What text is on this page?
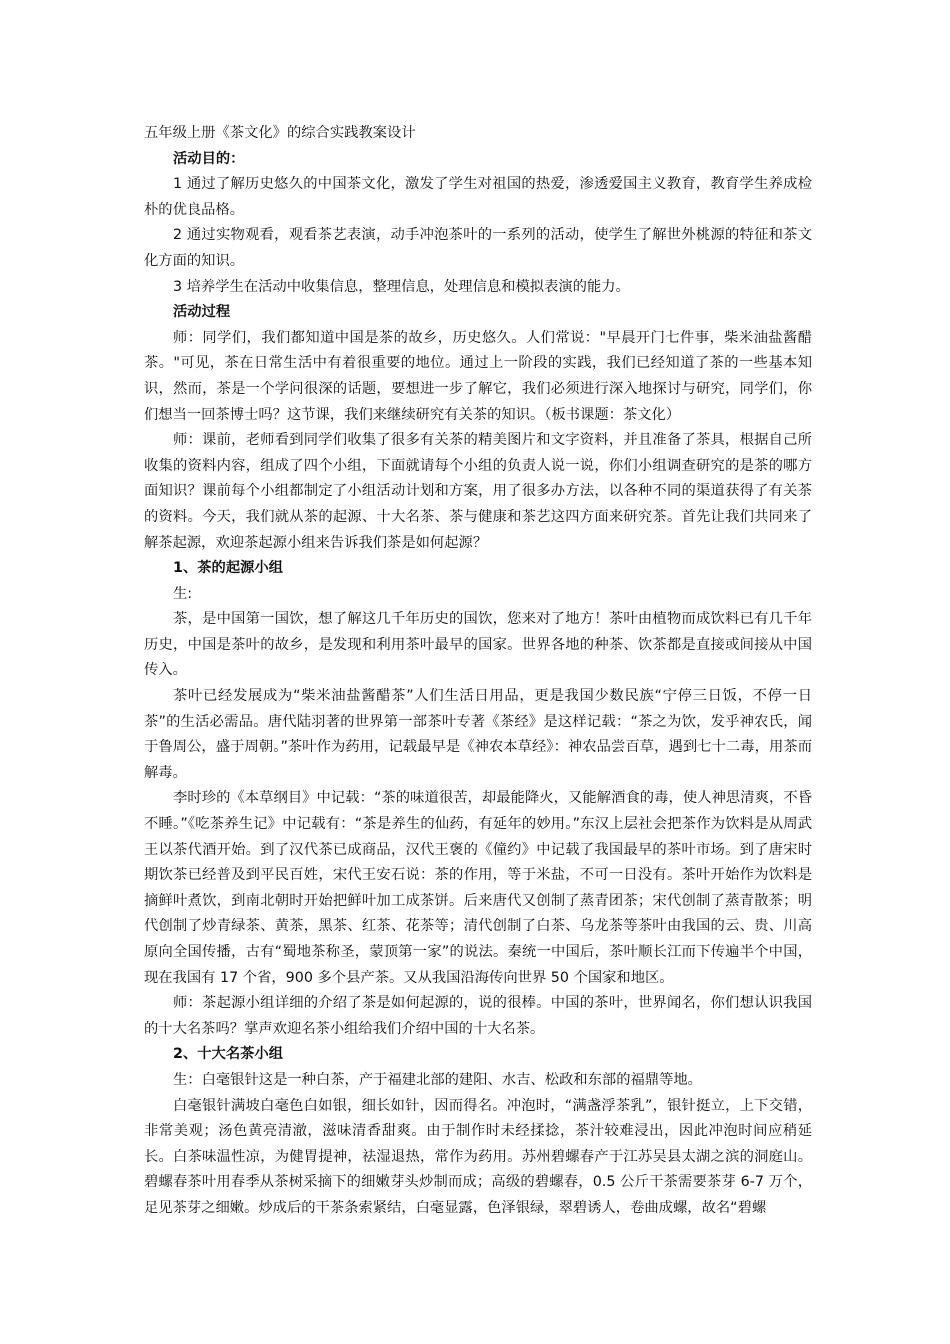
五年级上册《茶文化》的综合实践教案设计

活动目的：

1 通过了解历史悠久的中国茶文化，激发了学生对祖国的热爱，渗透爱国主义教育，教育学生养成检朴的优良品格。

2 通过实物观看，观看茶艺表演，动手冲泡茶叶的一系列的活动，使学生了解世外桃源的特征和茶文化方面的知识。

3 培养学生在活动中收集信息，整理信息，处理信息和模拟表演的能力。

活动过程

师：同学们，我们都知道中国是茶的故乡，历史悠久。人们常说："早晨开门七件事，柴米油盐酱醋茶。"可见，茶在日常生活中有着很重要的地位。通过上一阶段的实践，我们已经知道了茶的一些基本知识，然而，茶是一个学问很深的话题，要想进一步了解它，我们必须进行深入地探讨与研究，同学们，你们想当一回茶博士吗？这节课，我们来继续研究有关茶的知识。（板书课题：茶文化）

师：课前，老师看到同学们收集了很多有关茶的精美图片和文字资料，并且准备了茶具，根据自己所收集的资料内容，组成了四个小组，下面就请每个小组的负责人说一说，你们小组调查研究的是茶的哪方面知识？课前每个小组都制定了小组活动计划和方案，用了很多办方法，以各种不同的渠道获得了有关茶的资料。今天，我们就从茶的起源、十大名茶、茶与健康和茶艺这四方面来研究茶。首先让我们共同来了解茶起源，欢迎茶起源小组来告诉我们茶是如何起源？

1、茶的起源小组

生:

茶，是中国第一国饮，想了解这几千年历史的国饮，您来对了地方！茶叶由植物而成饮料已有几千年历史，中国是茶叶的故乡，是发现和利用茶叶最早的国家。世界各地的种茶、饮茶都是直接或间接从中国传入。

茶叶已经发展成为“柴米油盐酱醋茶”人们生活日用品，更是我国少数民族“宁停三日饭，不停一日茶”的生活必需品。唐代陆羽著的世界第一部茶叶专著《茶经》是这样记载：“茶之为饮，发乎神农氏，闻于鲁周公，盛于周朝。”茶叶作为药用，记载最早是《神农本草经》：神农品尝百草，遇到七十二毒，用茶而解毒。

李时珍的《本草纲目》中记载：“茶的味道很苦，却最能降火，又能解酒食的毒，使人神思清爽，不昏不睡。”《吃茶养生记》中记载有：“茶是养生的仙药，有延年的妙用。”东汉上层社会把茶作为饮料是从周武王以茶代酒开始。到了汉代茶已成商品，汉代王褒的《僮约》中记载了我国最早的茶叶市场。到了唐宋时期饮茶已经普及到平民百姓，宋代王安石说：茶的作用，等于米盐，不可一日没有。茶叶开始作为饮料是摘鲜叶煮饮，到南北朝时开始把鲜叶加工成茶饼。后来唐代又创制了蒸青团茶；宋代创制了蒸青散茶；明代创制了炒青绿茶、黄茶，黑茶、红茶、花茶等；清代创制了白茶、乌龙茶等茶叶由我国的云、贵、川高原向全国传播，古有“蜀地茶称圣，蒙顶第一家”的说法。秦统一中国后，茶叶顺长江而下传遍半个中国，现在我国有 17 个省，900 多个县产茶。又从我国沿海传向世界 50 个国家和地区。

师：茶起源小组详细的介绍了茶是如何起源的，说的很棒。中国的茶叶，世界闻名，你们想认识我国的十大名茶吗？掌声欢迎名茶小组给我们介绍中国的十大名茶。

2、十大名茶小组

生：白毫银针这是一种白茶，产于福建北部的建阳、水吉、松政和东部的福鼎等地。

白毫银针满坡白毫色白如银，细长如针，因而得名。冲泡时，“满盏浮茶乳”，银针挺立，上下交错，非常美观；汤色黄亮清澈，滋味清香甜爽。由于制作时未经揉捻，茶汁较难浸出，因此冲泡时间应稍延长。白茶味温性凉，为健胃提神，祛湿退热，常作为药用。苏州碧螺春产于江苏吴县太湖之滨的洞庭山。碧螺春茶叶用春季从茶树采摘下的细嫩芽头炒制而成；高级的碧螺春，0.5 公斤干茶需要茶芽 6-7 万个，足见茶芽之细嫩。炒成后的干茶条索紧结，白毫显露，色泽银绿，翠碧诱人，卷曲成螺，故名“碧螺
